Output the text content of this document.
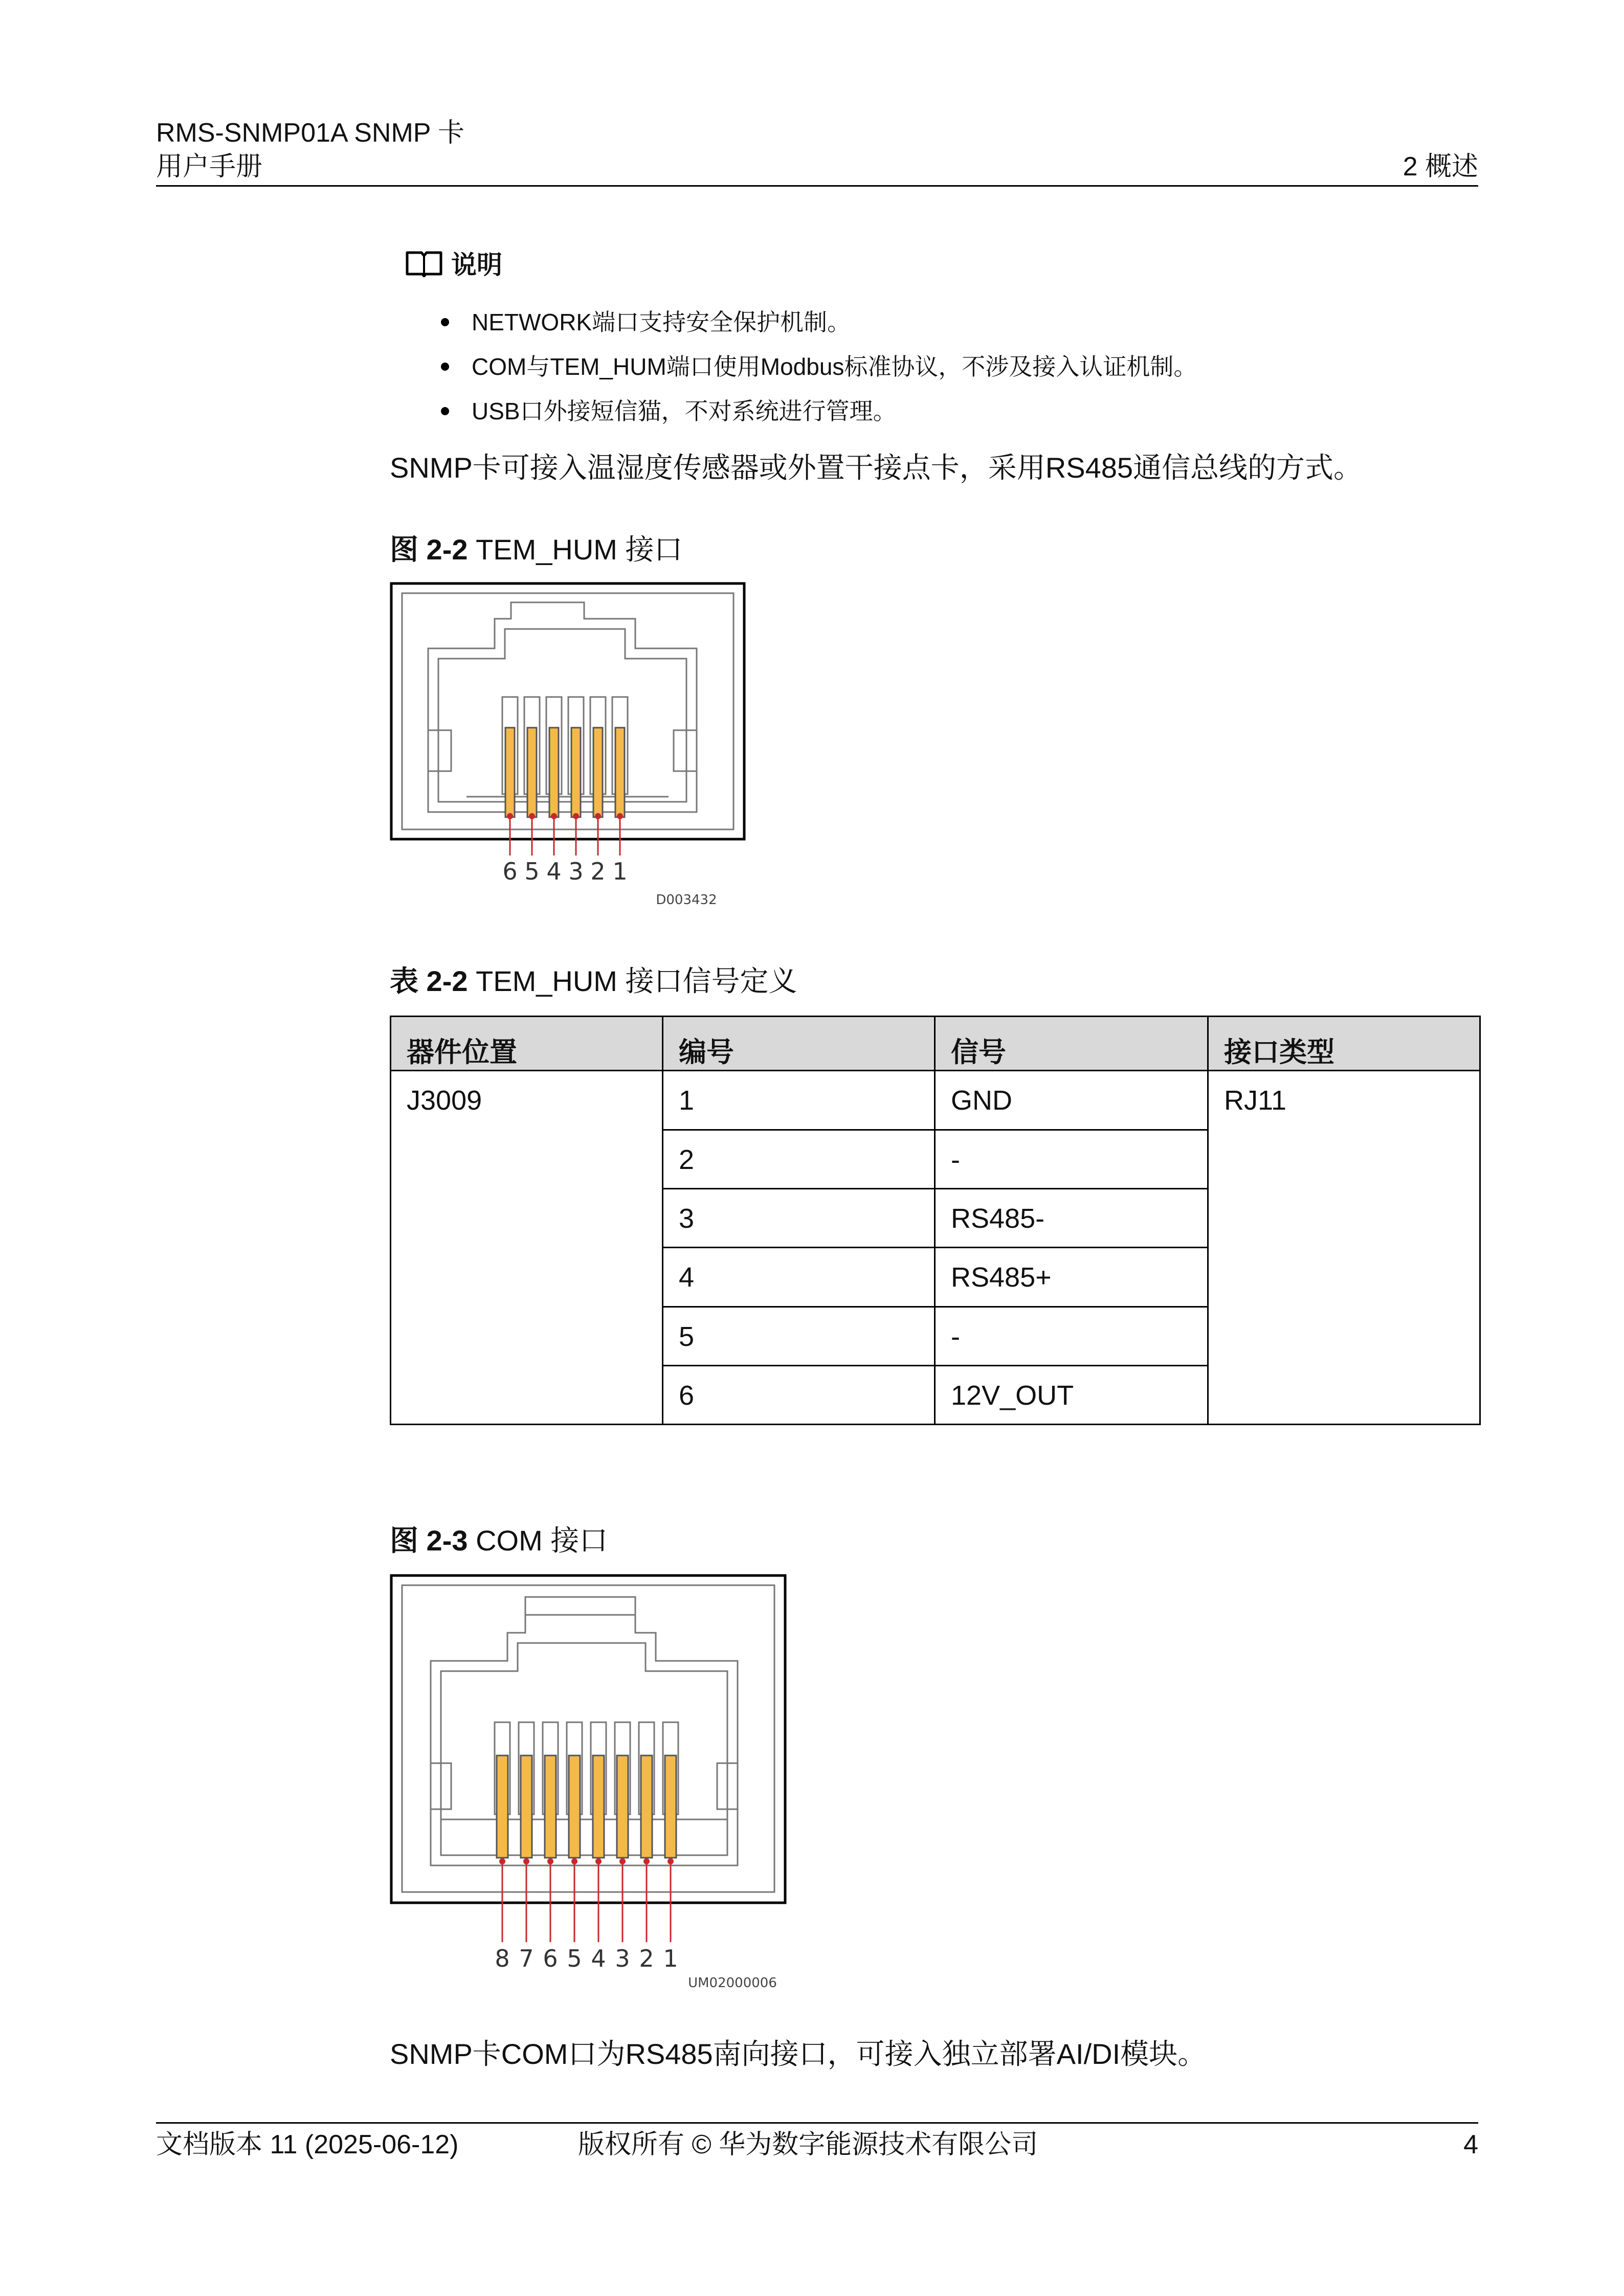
RMS-SNMP01A SNMP 卡
用户手册	2 概述
说明
NETWORK端口支持安全保护机制。
COM与TEM_HUM端口使用Modbus标准协议，不涉及接入认证机制。
USB口外接短信猫，不对系统进行管理。
SNMP卡可接入温湿度传感器或外置干接点卡，采用RS485通信总线的方式。
图 2-2 TEM_HUM 接口
6 5 4 3 2 1
D003432
表 2-2 TEM_HUM 接口信号定义
器件位置	编号	信号	接口类型
J3009	1	GND	RJ11
	2	-	
	3	RS485-	
	4	RS485+	
	5	-	
	6	12V_OUT	
图 2-3 COM 接口
8 7 6 5 4 3 2 1
UM02000006
SNMP卡COM口为RS485南向接口，可接入独立部署AI/DI模块。
文档版本 11 (2025-06-12)	版权所有 © 华为数字能源技术有限公司	4
